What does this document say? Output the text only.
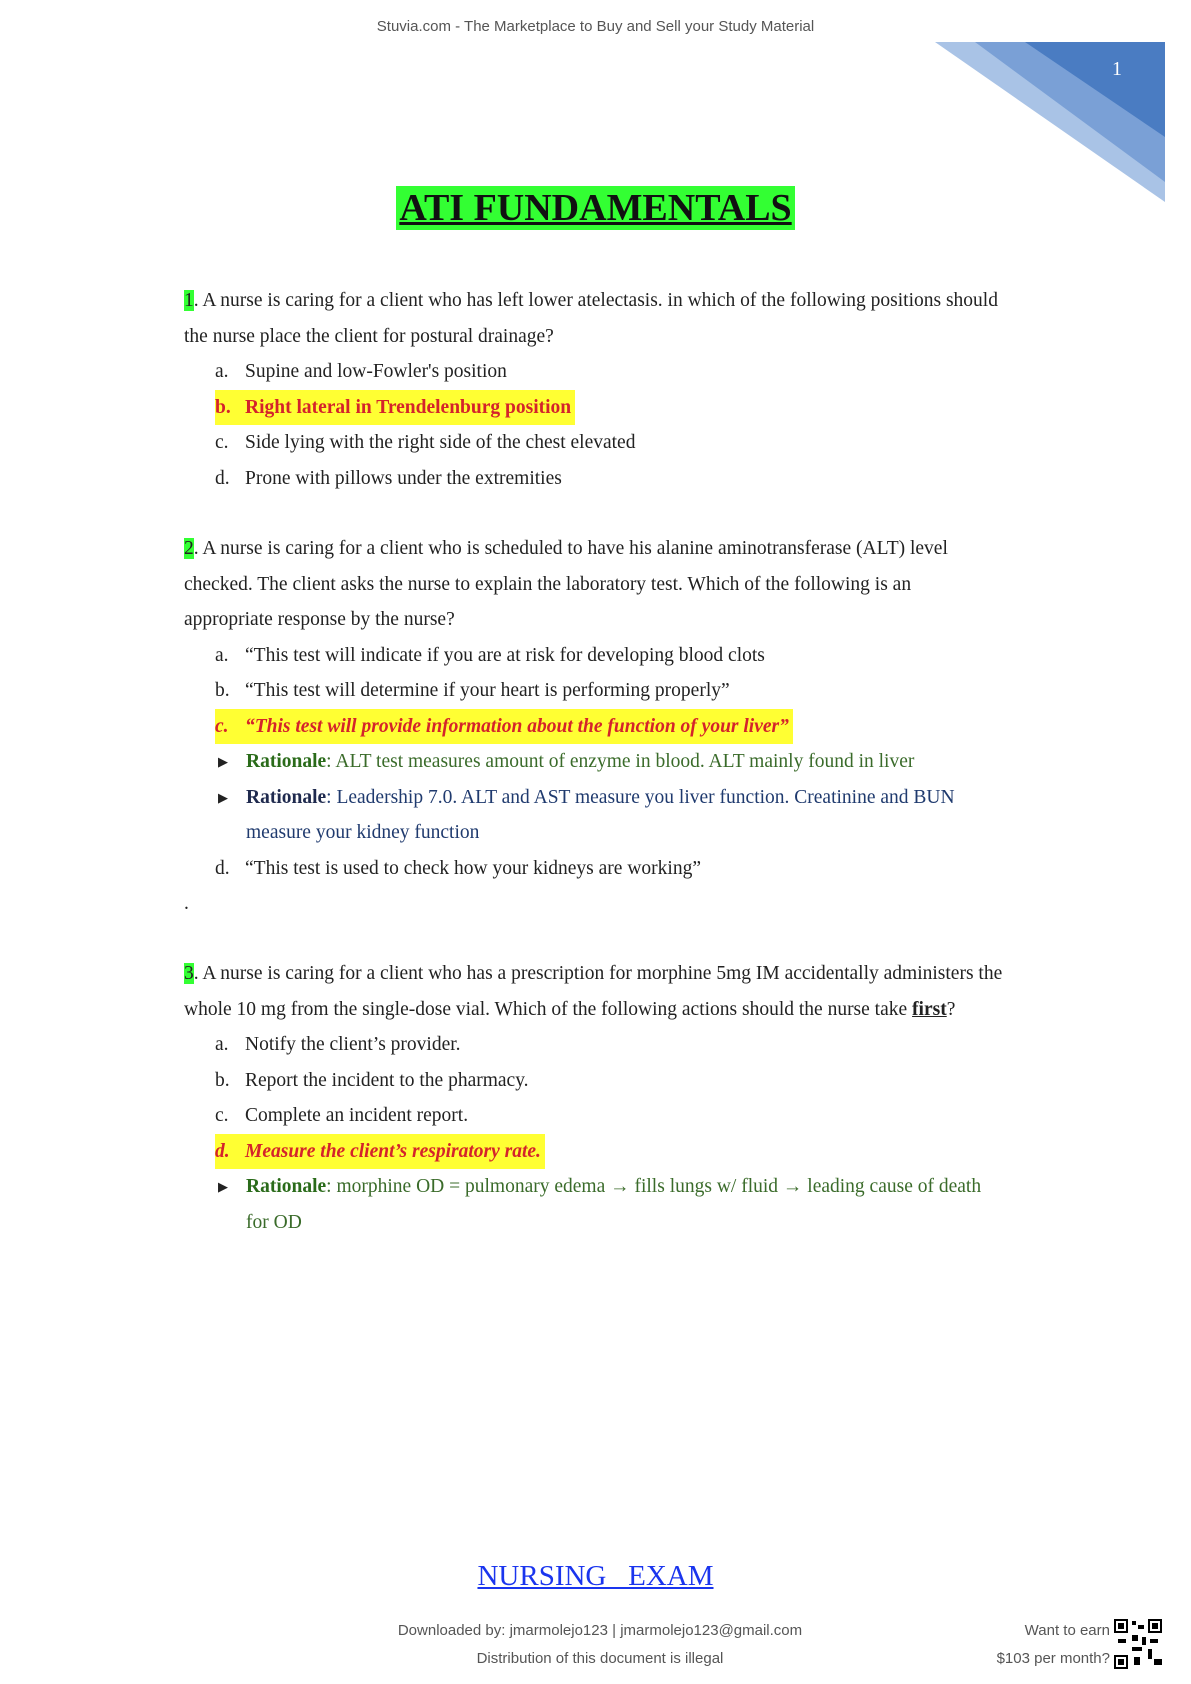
Stuvia.com - The Marketplace to Buy and Sell your Study Material
1
ATI FUNDAMENTALS

1. A nurse is caring for a client who has left lower atelectasis. in which of the following positions should the nurse place the client for postural drainage?

a. Supine and low-Fowler's position
b. Right lateral in Trendelenburg position
c. Side lying with the right side of the chest elevated
d. Prone with pillows under the extremities

2. A nurse is caring for a client who is scheduled to have his alanine aminotransferase (ALT) level checked. The client asks the nurse to explain the laboratory test. Which of the following is an appropriate response by the nurse?

a. “This test will indicate if you are at risk for developing blood clots
b. “This test will determine if your heart is performing properly”
c. “This test will provide information about the function of your liver”
▶ Rationale: ALT test measures amount of enzyme in blood. ALT mainly found in liver
▶ Rationale: Leadership 7.0. ALT and AST measure you liver function. Creatinine and BUN measure your kidney function
d. “This test is used to check how your kidneys are working”

.

3. A nurse is caring for a client who has a prescription for morphine 5mg IM accidentally administers the whole 10 mg from the single-dose vial. Which of the following actions should the nurse take first?

a. Notify the client’s provider.
b. Report the incident to the pharmacy.
c. Complete an incident report.
d. Measure the client’s respiratory rate.
▶ Rationale: morphine OD = pulmonary edema → fills lungs w/ fluid → leading cause of death for OD
NURSING   EXAM
Downloaded by: jmarmolejo123 | jmarmolejo123@gmail.com
Distribution of this document is illegal
Want to earn
$103 per month?
